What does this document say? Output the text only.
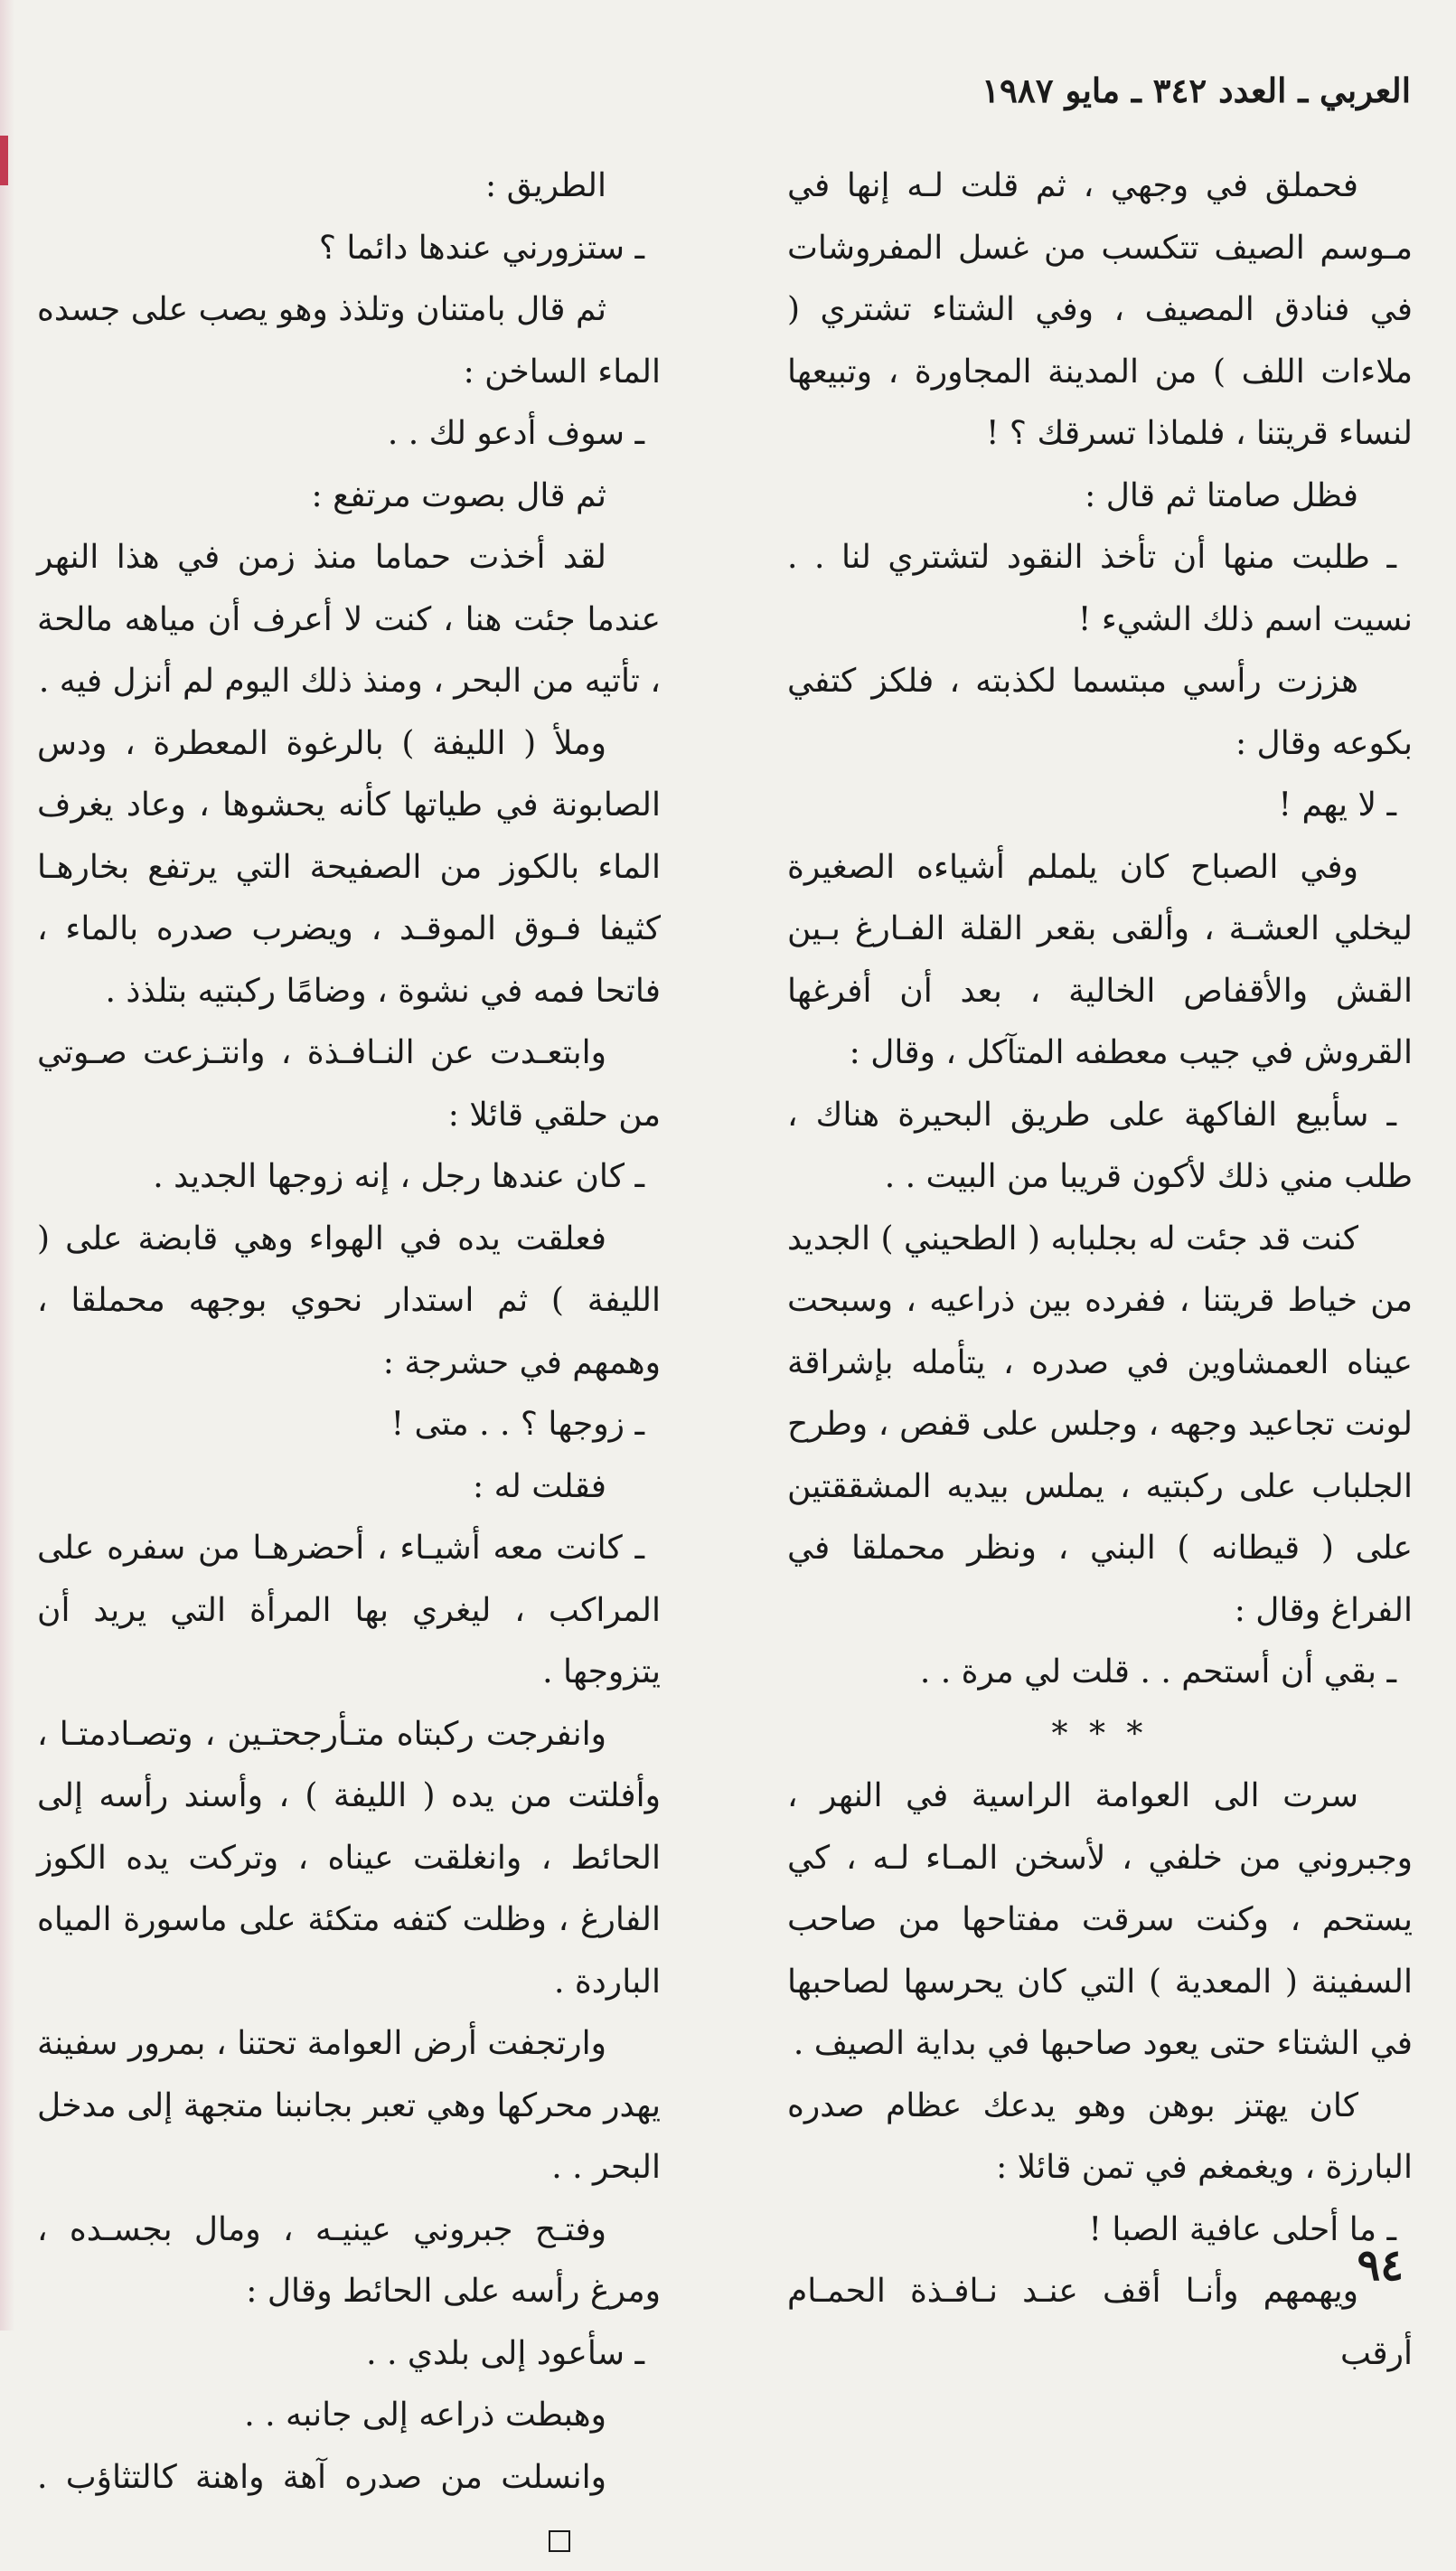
العربي ـ العدد ٣٤٢ ـ مايو ١٩٨٧

فحملق في وجهي ، ثم قلت لـه إنها في مـوسم الصيف تتكسب من غسل المفروشات في فنادق المصيف ، وفي الشتاء تشتري ( ملاءات اللف ) من المدينة المجاورة ، وتبيعها لنساء قريتنا ، فلماذا تسرقك ؟ !

فظل صامتا ثم قال :

ـ طلبت منها أن تأخذ النقود لتشتري لنا . . نسيت اسم ذلك الشيء !

هززت رأسي مبتسما لكذبته ، فلكز كتفي بكوعه وقال :

ـ لا يهم !

وفي الصباح كان يلملم أشياءه الصغيرة ليخلي العشـة ، وألقى بقعر القلة الفـارغ بـين القش والأقفاص الخالية ، بعد أن أفرغها القروش في جيب معطفه المتآكل ، وقال :

ـ سأبيع الفاكهة على طريق البحيرة هناك ، طلب مني ذلك لأكون قريبا من البيت . .

كنت قد جئت له بجلبابه ( الطحيني ) الجديد من خياط قريتنا ، ففرده بين ذراعيه ، وسبحت عيناه العمشاوين في صدره ، يتأمله بإشراقة لونت تجاعيد وجهه ، وجلس على قفص ، وطرح الجلباب على ركبتيه ، يملس بيديه المشققتين على ( قيطانه ) البني ، ونظر محملقا في الفراغ وقال :

ـ بقي أن أستحم . . قلت لي مرة . .

* * *

سرت الى العوامة الراسية في النهر ، وجبروني من خلفي ، لأسخن المـاء لـه ، كي يستحم ، وكنت سرقت مفتاحها من صاحب السفينة ( المعدية ) التي كان يحرسها لصاحبها في الشتاء حتى يعود صاحبها في بداية الصيف .

كان يهتز بوهن وهو يدعك عظام صدره البارزة ، ويغمغم في تمن قائلا :

ـ ما أحلى عافية الصبا !

ويهمهم وأنـا أقف عنـد نـافـذة الحمـام أرقب

الطريق :

ـ ستزورني عندها دائما ؟

ثم قال بامتنان وتلذذ وهو يصب على جسده الماء الساخن :

ـ سوف أدعو لك . .

ثم قال بصوت مرتفع :

لقد أخذت حماما منذ زمن في هذا النهر عندما جئت هنا ، كنت لا أعرف أن مياهه مالحة ، تأتيه من البحر ، ومنذ ذلك اليوم لم أنزل فيه .

وملأ ( الليفة ) بالرغوة المعطرة ، ودس الصابونة في طياتها كأنه يحشوها ، وعاد يغرف الماء بالكوز من الصفيحة التي يرتفع بخارهـا كثيفا فـوق الموقـد ، ويضرب صدره بالماء ، فاتحا فمه في نشوة ، وضامًا ركبتيه بتلذذ .

وابتعـدت عن النـافـذة ، وانتـزعت صـوتي من حلقي قائلا :

ـ كان عندها رجل ، إنه زوجها الجديد .

فعلقت يده في الهواء وهي قابضة على ( الليفة ) ثم استدار نحوي بوجهه محملقا ، وهمهم في حشرجة :

ـ زوجها ؟ . . متى !

فقلت له :

ـ كانت معه أشيـاء ، أحضرهـا من سفره على المراكب ، ليغري بها المرأة التي يريد أن يتزوجها .

وانفرجت ركبتاه متـأرجحتـين ، وتصـادمتـا ، وأفلتت من يده ( الليفة ) ، وأسند رأسه إلى الحائط ، وانغلقت عيناه ، وتركت يده الكوز الفارغ ، وظلت كتفه متكئة على ماسورة المياه الباردة .

وارتجفت أرض العوامة تحتنا ، بمرور سفينة يهدر محركها وهي تعبر بجانبنا متجهة إلى مدخل البحر . .

وفتـح جبروني عينيـه ، ومال بجسـده ، ومرغ رأسه على الحائط وقال :

ـ سأعود إلى بلدي . .

وهبطت ذراعه إلى جانبه . .

وانسلت من صدره آهة واهنة كالتثاؤب .

٩٤
